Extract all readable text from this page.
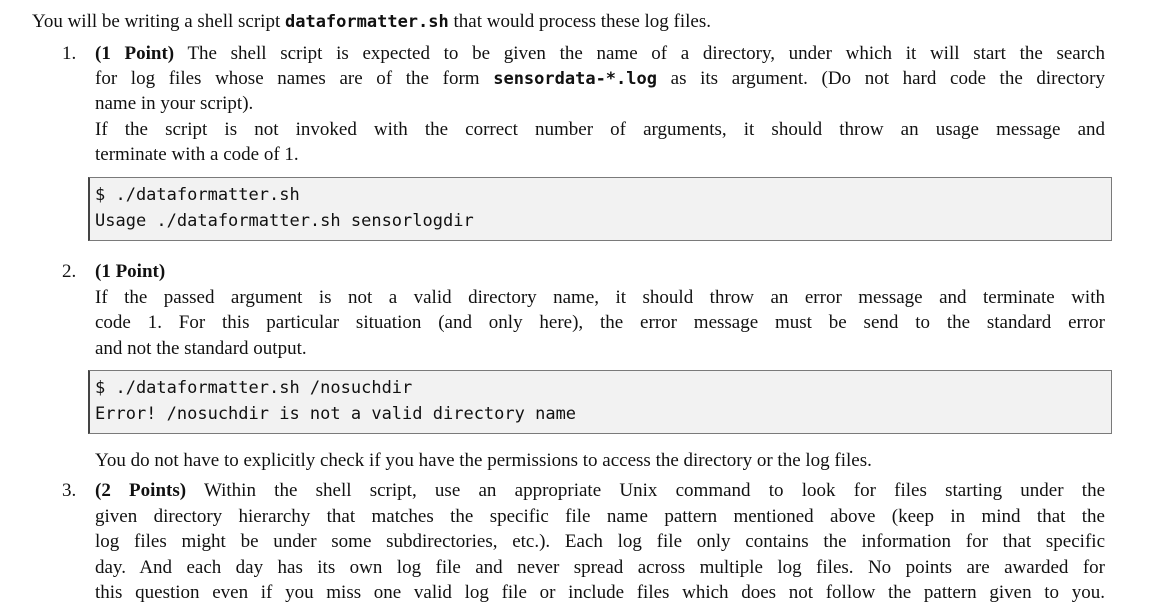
You will be writing a shell script dataformatter.sh that would process these log files.
1. (1 Point) The shell script is expected to be given the name of a directory, under which it will start the search
for log files whose names are of the form sensordata-*.log as its argument. (Do not hard code the directory
name in your script).
If the script is not invoked with the correct number of arguments, it should throw an usage message and
terminate with a code of 1.
$ ./dataformatter.sh
Usage ./dataformatter.sh sensorlogdir
2. (1 Point)
If the passed argument is not a valid directory name, it should throw an error message and terminate with
code 1. For this particular situation (and only here), the error message must be send to the standard error
and not the standard output.
$ ./dataformatter.sh /nosuchdir
Error! /nosuchdir is not a valid directory name
You do not have to explicitly check if you have the permissions to access the directory or the log files.
3. (2 Points) Within the shell script, use an appropriate Unix command to look for files starting under the
given directory hierarchy that matches the specific file name pattern mentioned above (keep in mind that the
log files might be under some subdirectories, etc.). Each log file only contains the information for that specific
day. And each day has its own log file and never spread across multiple log files. No points are awarded for
this question even if you miss one valid log file or include files which does not follow the pattern given to you.
